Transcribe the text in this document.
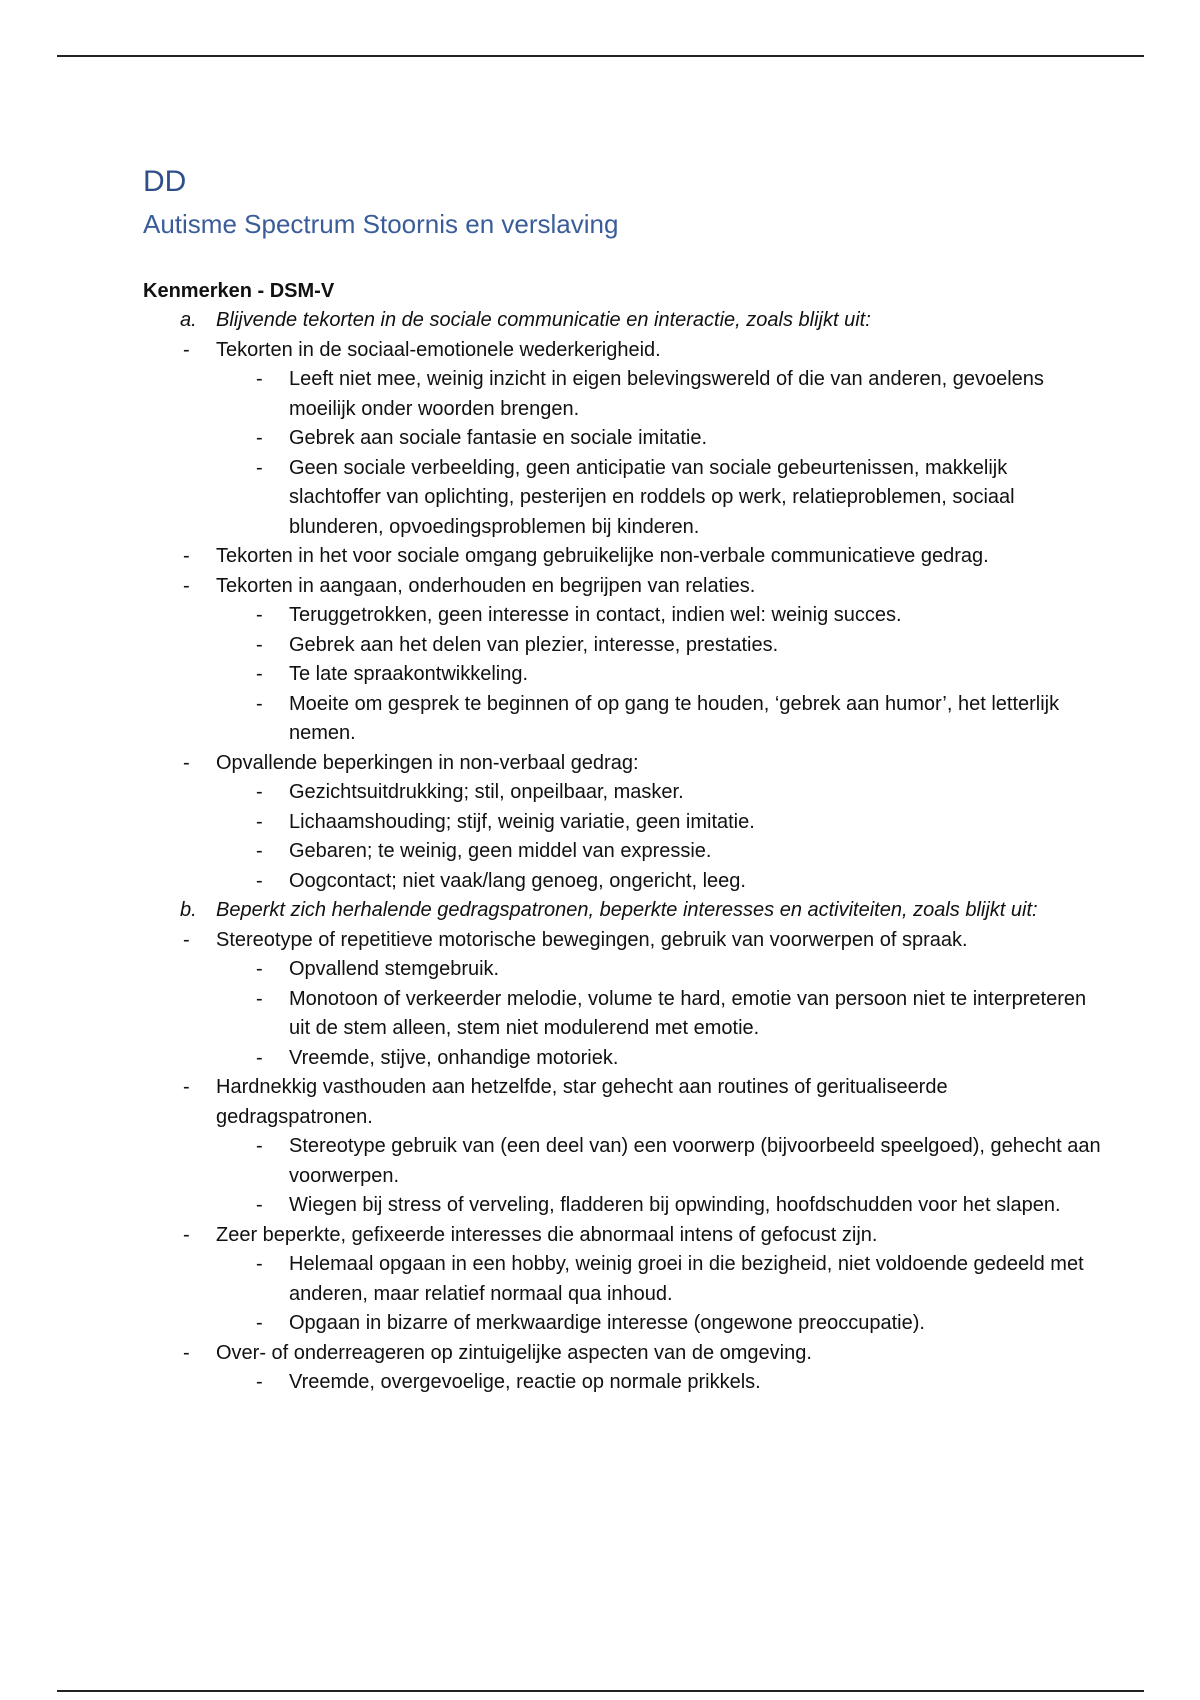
DD
Autisme Spectrum Stoornis en verslaving
Kenmerken - DSM-V
a. Blijvende tekorten in de sociale communicatie en interactie, zoals blijkt uit:
- Tekorten in de sociaal-emotionele wederkerigheid.
- Leeft niet mee, weinig inzicht in eigen belevingswereld of die van anderen, gevoelens moeilijk onder woorden brengen.
- Gebrek aan sociale fantasie en sociale imitatie.
- Geen sociale verbeelding, geen anticipatie van sociale gebeurtenissen, makkelijk slachtoffer van oplichting, pesterijen en roddels op werk, relatieproblemen, sociaal blunderen, opvoedingsproblemen bij kinderen.
- Tekorten in het voor sociale omgang gebruikelijke non-verbale communicatieve gedrag.
- Tekorten in aangaan, onderhouden en begrijpen van relaties.
- Teruggetrokken, geen interesse in contact, indien wel: weinig succes.
- Gebrek aan het delen van plezier, interesse, prestaties.
- Te late spraakontwikkeling.
- Moeite om gesprek te beginnen of op gang te houden, ‘gebrek aan humor’, het letterlijk nemen.
- Opvallende beperkingen in non-verbaal gedrag:
- Gezichtsuitdrukking; stil, onpeilbaar, masker.
- Lichaamshouding; stijf, weinig variatie, geen imitatie.
- Gebaren; te weinig, geen middel van expressie.
- Oogcontact; niet vaak/lang genoeg, ongericht, leeg.
b. Beperkt zich herhalende gedragspatronen, beperkte interesses en activiteiten, zoals blijkt uit:
- Stereotype of repetitieve motorische bewegingen, gebruik van voorwerpen of spraak.
- Opvallend stemgebruik.
- Monotoon of verkeerder melodie, volume te hard, emotie van persoon niet te interpreteren uit de stem alleen, stem niet modulerend met emotie.
- Vreemde, stijve, onhandige motoriek.
- Hardnekkig vasthouden aan hetzelfde, star gehecht aan routines of geritualiseerde gedragspatronen.
- Stereotype gebruik van (een deel van) een voorwerp (bijvoorbeeld speelgoed), gehecht aan voorwerpen.
- Wiegen bij stress of verveling, fladderen bij opwinding, hoofdschudden voor het slapen.
- Zeer beperkte, gefixeerde interesses die abnormaal intens of gefocust zijn.
- Helemaal opgaan in een hobby, weinig groei in die bezigheid, niet voldoende gedeeld met anderen, maar relatief normaal qua inhoud.
- Opgaan in bizarre of merkwaardige interesse (ongewone preoccupatie).
- Over- of onderreageren op zintuigelijke aspecten van de omgeving.
- Vreemde, overgevoelige, reactie op normale prikkels.
